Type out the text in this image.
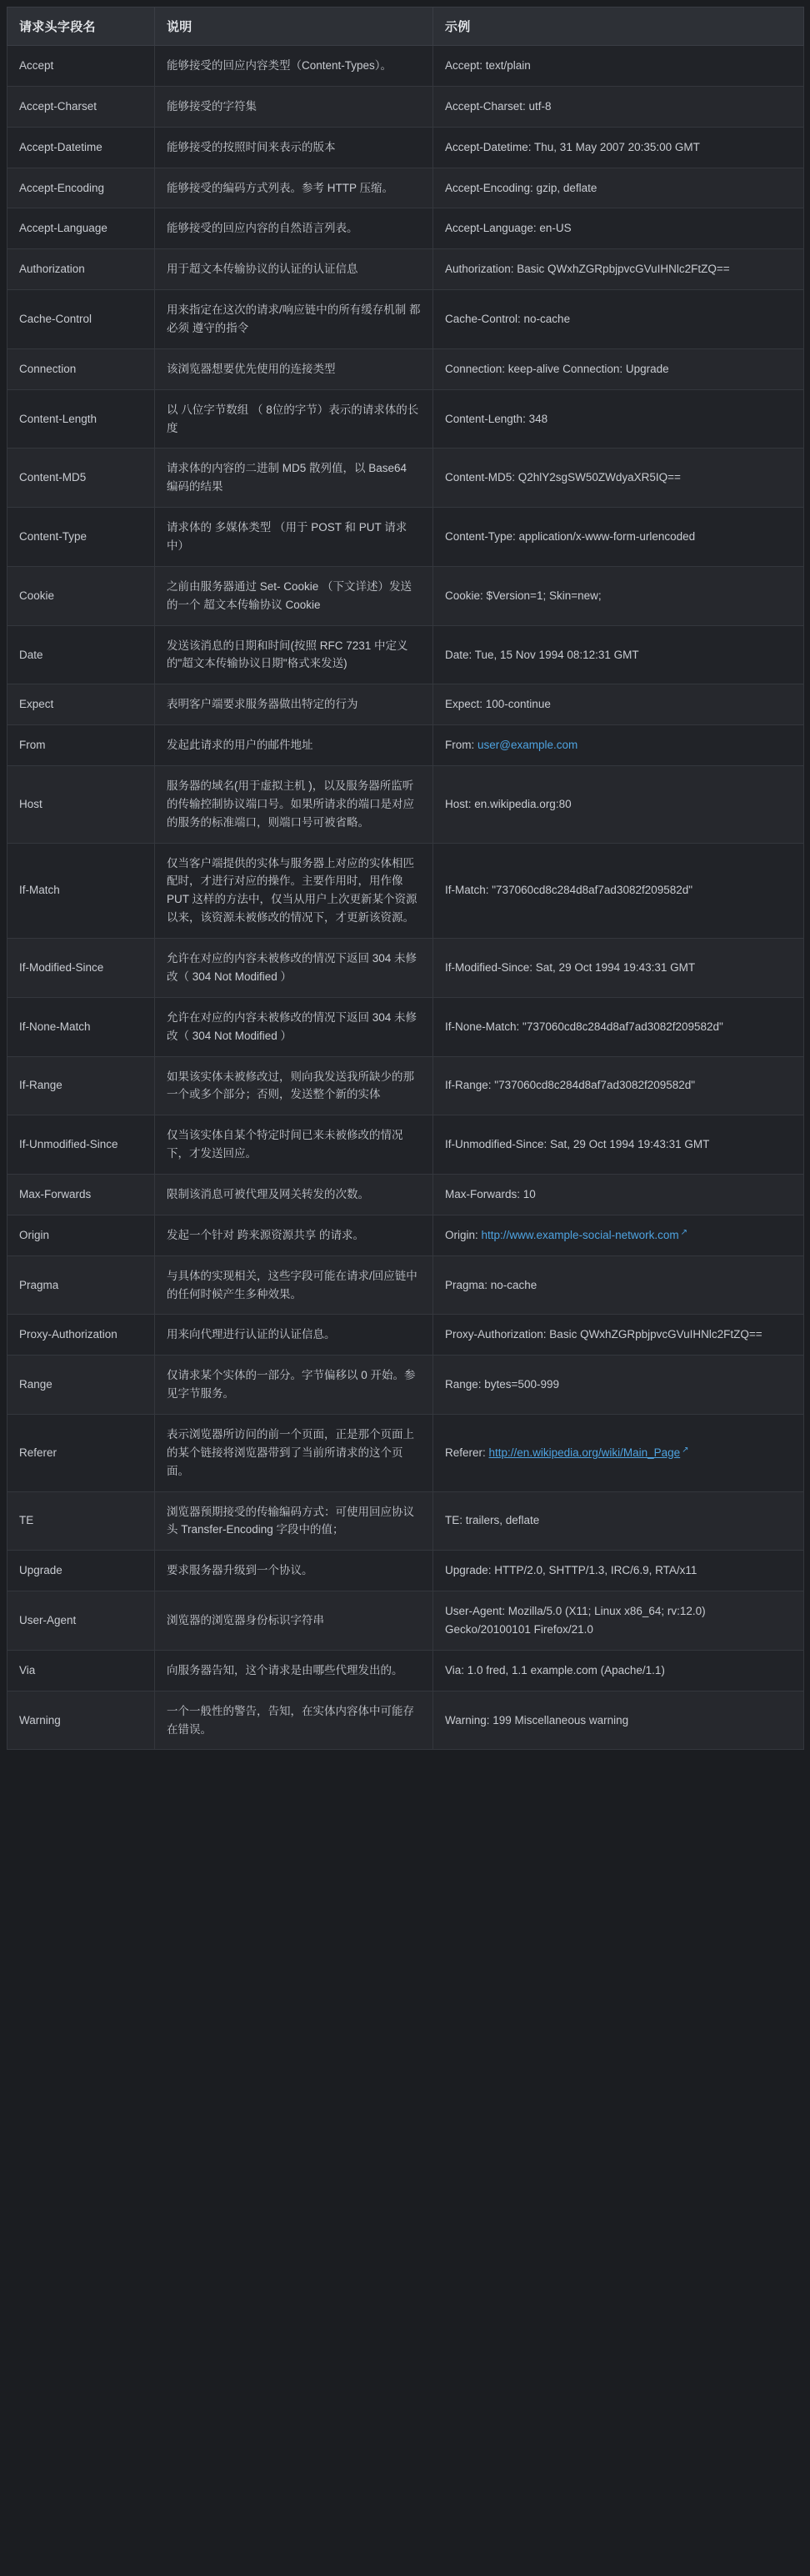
请求头字段名	说明	示例
Accept	能够接受的回应内容类型（Content-Types）。	Accept: text/plain
Accept-Charset	能够接受的字符集	Accept-Charset: utf-8
Accept-Datetime	能够接受的按照时间来表示的版本	Accept-Datetime: Thu, 31 May 2007 20:35:00 GMT
Accept-Encoding	能够接受的编码方式列表。参考 HTTP 压缩。	Accept-Encoding: gzip, deflate
Accept-Language	能够接受的回应内容的自然语言列表。	Accept-Language: en-US
Authorization	用于超文本传输协议的认证的认证信息	Authorization: Basic QWxhZGRpbjpvcGVuIHNlc2FtZQ==
Cache-Control	用来指定在这次的请求/响应链中的所有缓存机制 都必须 遵守的指令	Cache-Control: no-cache
Connection	该浏览器想要优先使用的连接类型	Connection: keep-alive Connection: Upgrade
Content-Length	以 八位字节数组 （ 8位的字节）表示的请求体的长度	Content-Length: 348
Content-MD5	请求体的内容的二进制 MD5 散列值，以 Base64 编码的结果	Content-MD5: Q2hlY2sgSW50ZWdyaXR5IQ==
Content-Type	请求体的 多媒体类型 （用于 POST 和 PUT 请求中）	Content-Type: application/x-www-form-urlencoded
Cookie	之前由服务器通过 Set- Cookie （下文详述）发送的一个 超文本传输协议 Cookie	Cookie: $Version=1; Skin=new;
Date	发送该消息的日期和时间(按照 RFC 7231 中定义的"超文本传输协议日期"格式来发送)	Date: Tue, 15 Nov 1994 08:12:31 GMT
Expect	表明客户端要求服务器做出特定的行为	Expect: 100-continue
From	发起此请求的用户的邮件地址	From: user@example.com
Host	服务器的域名(用于虚拟主机 )，以及服务器所监听的传输控制协议端口号。如果所请求的端口是对应的服务的标准端口，则端口号可被省略。	Host: en.wikipedia.org:80
If-Match	仅当客户端提供的实体与服务器上对应的实体相匹配时，才进行对应的操作。主要作用时，用作像 PUT 这样的方法中，仅当从用户上次更新某个资源以来，该资源未被修改的情况下，才更新该资源。	If-Match: "737060cd8c284d8af7ad3082f209582d"
If-Modified-Since	允许在对应的内容未被修改的情况下返回 304 未修改（ 304 Not Modified ）	If-Modified-Since: Sat, 29 Oct 1994 19:43:31 GMT
If-None-Match	允许在对应的内容未被修改的情况下返回 304 未修改（ 304 Not Modified ）	If-None-Match: "737060cd8c284d8af7ad3082f209582d"
If-Range	如果该实体未被修改过，则向我发送我所缺少的那一个或多个部分；否则，发送整个新的实体	If-Range: "737060cd8c284d8af7ad3082f209582d"
If-Unmodified-Since	仅当该实体自某个特定时间已来未被修改的情况下，才发送回应。	If-Unmodified-Since: Sat, 29 Oct 1994 19:43:31 GMT
Max-Forwards	限制该消息可被代理及网关转发的次数。	Max-Forwards: 10
Origin	发起一个针对 跨来源资源共享 的请求。	Origin: http://www.example-social-network.com ↗
Pragma	与具体的实现相关，这些字段可能在请求/回应链中的任何时候产生多种效果。	Pragma: no-cache
Proxy-Authorization	用来向代理进行认证的认证信息。	Proxy-Authorization: Basic QWxhZGRpbjpvcGVuIHNlc2FtZQ==
Range	仅请求某个实体的一部分。字节偏移以 0 开始。参见字节服务。	Range: bytes=500-999
Referer	表示浏览器所访问的前一个页面，正是那个页面上的某个链接将浏览器带到了当前所请求的这个页面。	Referer: http://en.wikipedia.org/wiki/Main_Page ↗
TE	浏览器预期接受的传输编码方式：可使用回应协议头 Transfer-Encoding 字段中的值；	TE: trailers, deflate
Upgrade	要求服务器升级到一个协议。	Upgrade: HTTP/2.0, SHTTP/1.3, IRC/6.9, RTA/x11
User-Agent	浏览器的浏览器身份标识字符串	User-Agent: Mozilla/5.0 (X11; Linux x86_64; rv:12.0) Gecko/20100101 Firefox/21.0
Via	向服务器告知，这个请求是由哪些代理发出的。	Via: 1.0 fred, 1.1 example.com (Apache/1.1)
Warning	一个一般性的警告，告知，在实体内容体中可能存在错误。	Warning: 199 Miscellaneous warning
